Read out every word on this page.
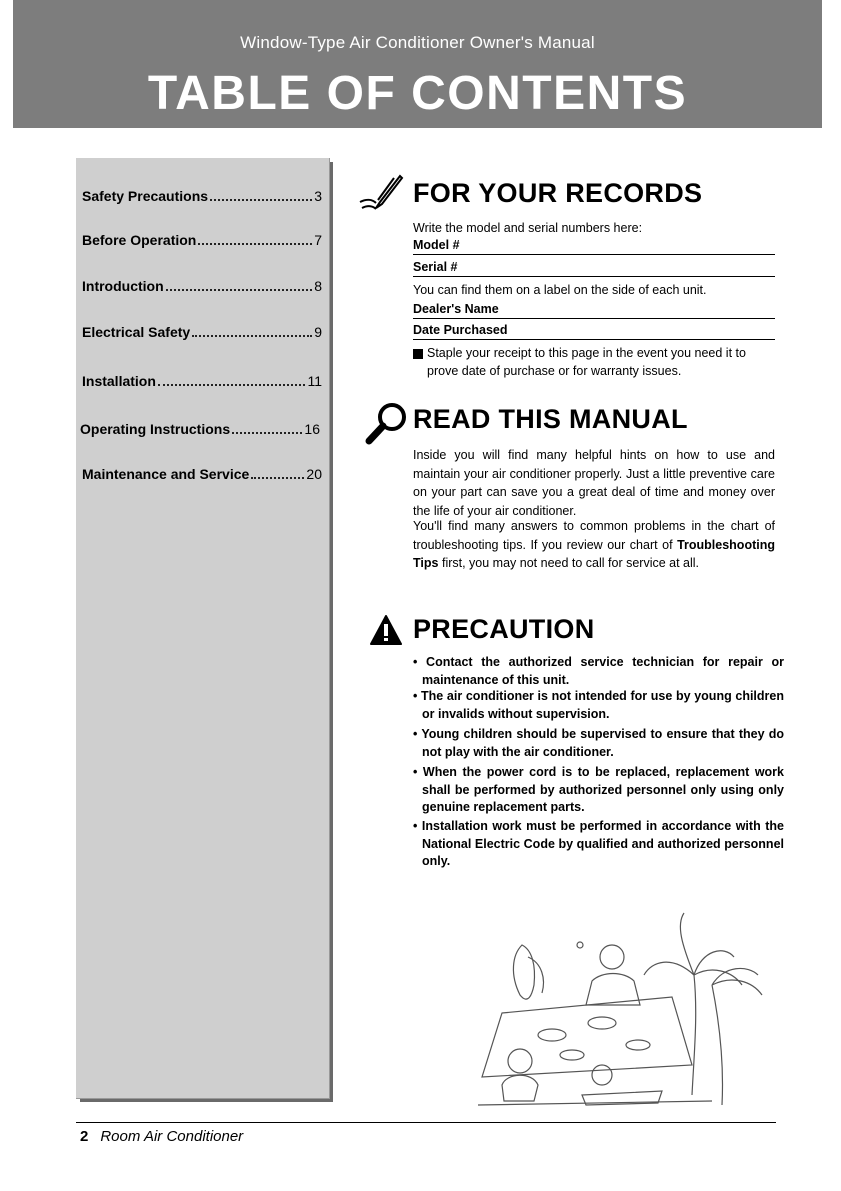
Window-Type Air Conditioner Owner's Manual
TABLE OF CONTENTS
Safety Precautions	3
Before Operation	7
Introduction	8
Electrical Safety	9
Installation	11
Operating Instructions	16
Maintenance and Service	20
FOR YOUR RECORDS
Write the model and serial numbers here:
Model #
Serial #
You can find them on a label on the side of each unit.
Dealer's Name
Date Purchased
Staple your receipt to this page in the event you need it to prove date of purchase or for warranty issues.
READ THIS MANUAL
Inside you will find many helpful hints on how to use and maintain your air conditioner properly. Just a little preventive care on your part can save you a great deal of time and money over the life of your air conditioner.
You'll find many answers to common problems in the chart of troubleshooting tips. If you review our chart of Troubleshooting Tips first, you may not need to call for service at all.
PRECAUTION
• Contact the authorized service technician for repair or maintenance of this unit.
• The air conditioner is not intended for use by young children or invalids without supervision.
• Young children should be supervised to ensure that they do not play with the air conditioner.
• When the power cord is to be replaced, replacement work shall be performed by authorized personnel only using only genuine replacement parts.
• Installation work must be performed in accordance with the National Electric Code by qualified and authorized personnel only.
2 Room Air Conditioner
